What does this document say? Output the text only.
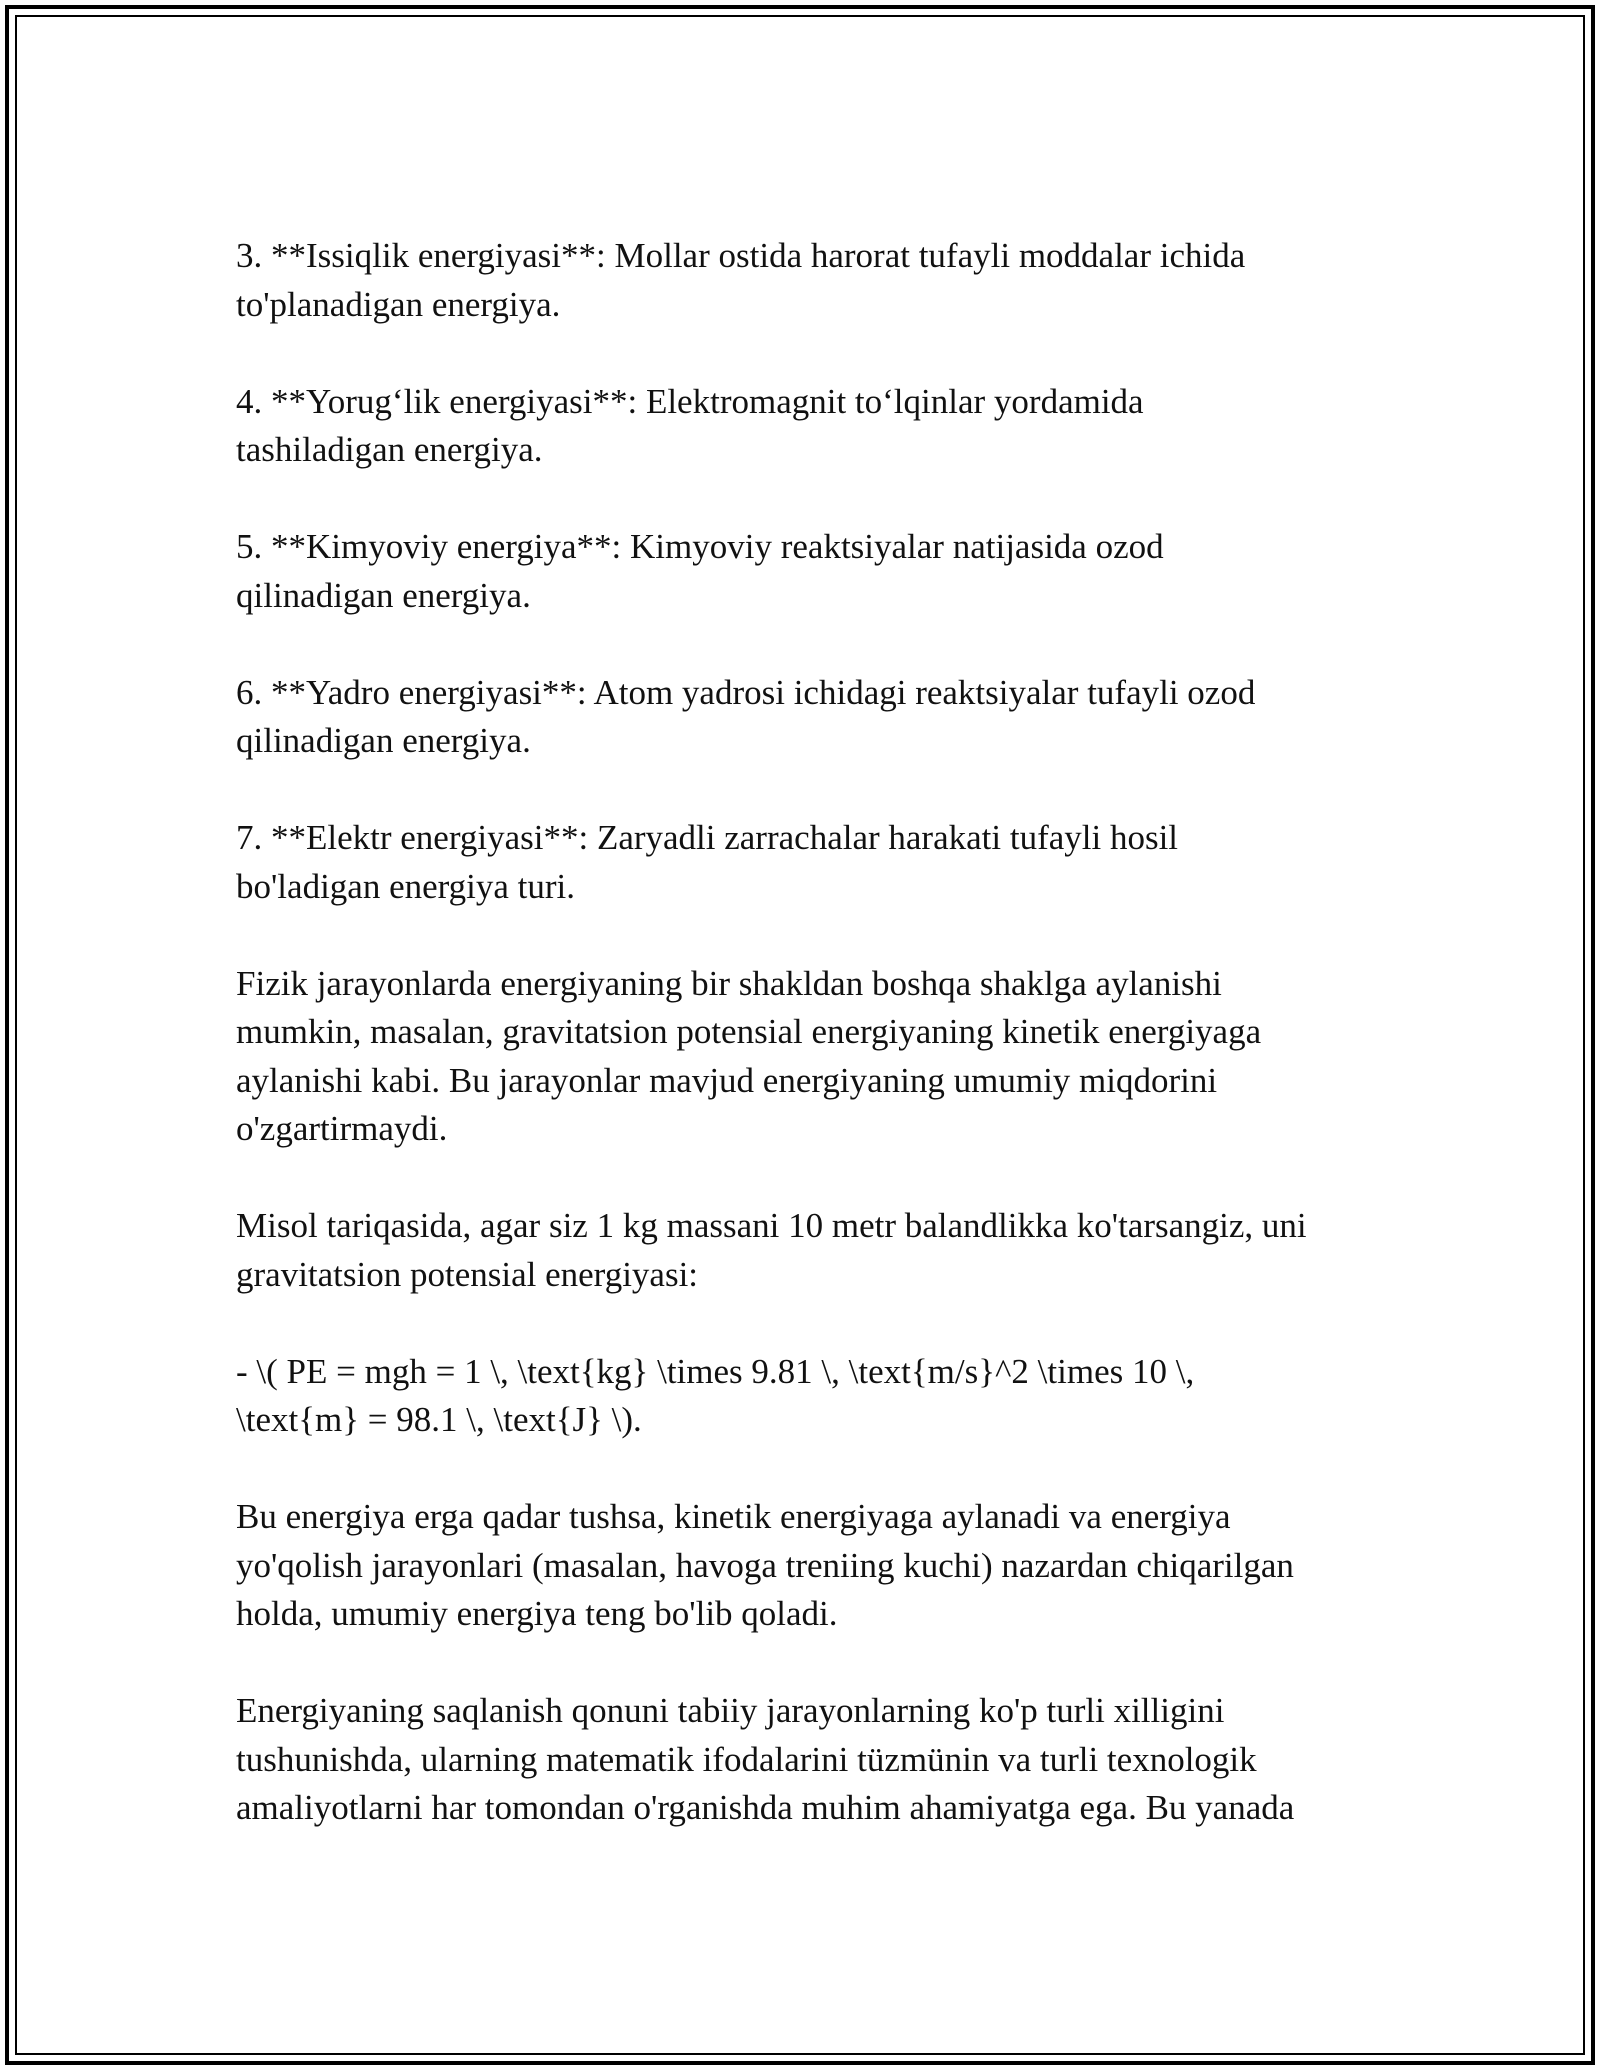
3. **Issiqlik energiyasi**: Mollar ostida harorat tufayli moddalar ichida
to'planadigan energiya.

4. **Yorug‘lik energiyasi**: Elektromagnit to‘lqinlar yordamida
tashiladigan energiya.

5. **Kimyoviy energiya**: Kimyoviy reaktsiyalar natijasida ozod
qilinadigan energiya.

6. **Yadro energiyasi**: Atom yadrosi ichidagi reaktsiyalar tufayli ozod
qilinadigan energiya.

7. **Elektr energiyasi**: Zaryadli zarrachalar harakati tufayli hosil
bo'ladigan energiya turi.

Fizik jarayonlarda energiyaning bir shakldan boshqa shaklga aylanishi
mumkin, masalan, gravitatsion potensial energiyaning kinetik energiyaga
aylanishi kabi. Bu jarayonlar mavjud energiyaning umumiy miqdorini
o'zgartirmaydi.

Misol tariqasida, agar siz 1 kg massani 10 metr balandlikka ko'tarsangiz, uni
gravitatsion potensial energiyasi:

- \( PE = mgh = 1 \, \text{kg} \times 9.81 \, \text{m/s}^2 \times 10 \,
\text{m} = 98.1 \, \text{J} \).

Bu energiya erga qadar tushsa, kinetik energiyaga aylanadi va energiya
yo'qolish jarayonlari (masalan, havoga treniing kuchi) nazardan chiqarilgan
holda, umumiy energiya teng bo'lib qoladi.

Energiyaning saqlanish qonuni tabiiy jarayonlarning ko'p turli xilligini
tushunishda, ularning matematik ifodalarini tüzmünin va turli texnologik
amaliyotlarni har tomondan o'rganishda muhim ahamiyatga ega. Bu yanada
